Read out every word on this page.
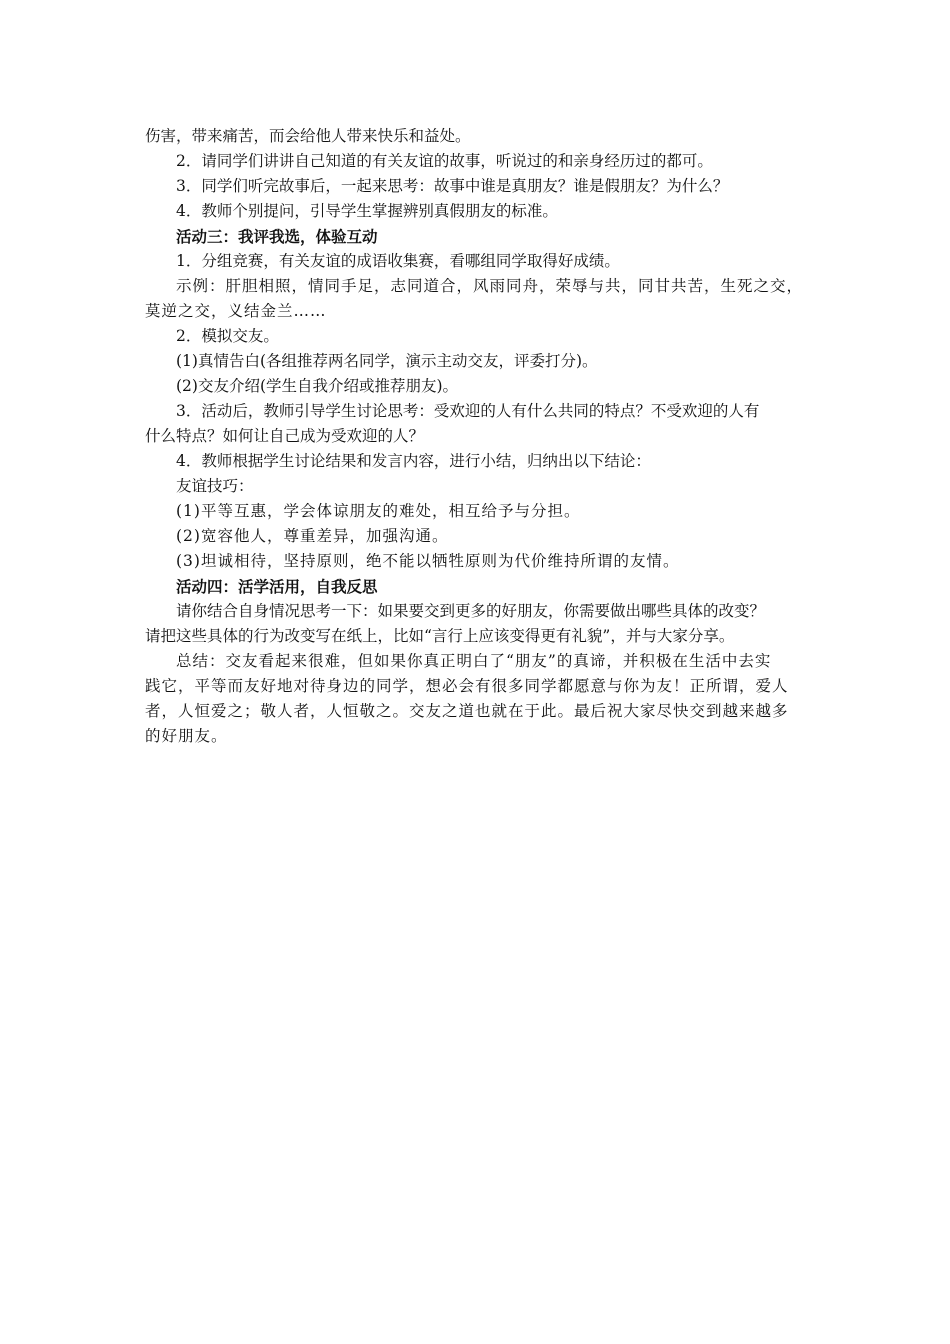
伤害，带来痛苦，而会给他人带来快乐和益处。
2．请同学们讲讲自己知道的有关友谊的故事，听说过的和亲身经历过的都可。
3．同学们听完故事后，一起来思考：故事中谁是真朋友？谁是假朋友？为什么？
4．教师个别提问，引导学生掌握辨别真假朋友的标准。
活动三：我评我选，体验互动
1．分组竞赛，有关友谊的成语收集赛，看哪组同学取得好成绩。
示例：肝胆相照，情同手足，志同道合，风雨同舟，荣辱与共，同甘共苦，生死之交，
莫逆之交，义结金兰……
2．模拟交友。
(1)真情告白(各组推荐两名同学，演示主动交友，评委打分)。
(2)交友介绍(学生自我介绍或推荐朋友)。
3．活动后，教师引导学生讨论思考：受欢迎的人有什么共同的特点？不受欢迎的人有
什么特点？如何让自己成为受欢迎的人？
4．教师根据学生讨论结果和发言内容，进行小结，归纳出以下结论：
友谊技巧：
(1)平等互惠，学会体谅朋友的难处，相互给予与分担。
(2)宽容他人，尊重差异，加强沟通。
(3)坦诚相待，坚持原则，绝不能以牺牲原则为代价维持所谓的友情。
活动四：活学活用，自我反思
请你结合自身情况思考一下：如果要交到更多的好朋友，你需要做出哪些具体的改变？
请把这些具体的行为改变写在纸上，比如“言行上应该变得更有礼貌”，并与大家分享。
总结：交友看起来很难，但如果你真正明白了“朋友”的真谛，并积极在生活中去实
践它，平等而友好地对待身边的同学，想必会有很多同学都愿意与你为友！正所谓，爱人
者，人恒爱之；敬人者，人恒敬之。交友之道也就在于此。最后祝大家尽快交到越来越多
的好朋友。
